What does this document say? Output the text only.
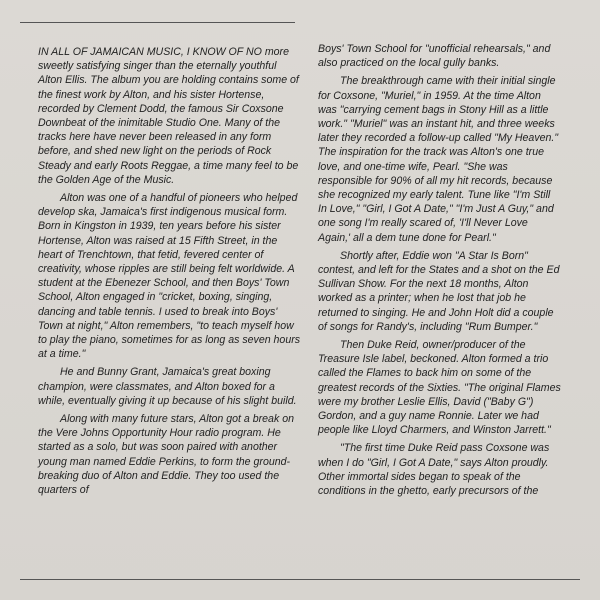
IN ALL OF JAMAICAN MUSIC, I KNOW OF NO more sweetly satisfying singer than the eternally youthful Alton Ellis. The album you are holding contains some of the finest work by Alton, and his sister Hortense, recorded by Clement Dodd, the famous Sir Coxsone Downbeat of the inimitable Studio One. Many of the tracks here have never been released in any form before, and shed new light on the periods of Rock Steady and early Roots Reggae, a time many feel to be the Golden Age of the Music.

Alton was one of a handful of pioneers who helped develop ska, Jamaica's first indigenous musical form. Born in Kingston in 1939, ten years before his sister Hortense, Alton was raised at 15 Fifth Street, in the heart of Trenchtown, that fetid, fevered center of creativity, whose ripples are still being felt worldwide. A student at the Ebenezer School, and then Boys' Town School, Alton engaged in "cricket, boxing, singing, dancing and table tennis. I used to break into Boys' Town at night," Alton remembers, "to teach myself how to play the piano, sometimes for as long as seven hours at a time."

He and Bunny Grant, Jamaica's great boxing champion, were classmates, and Alton boxed for a while, eventually giving it up because of his slight build.

Along with many future stars, Alton got a break on the Vere Johns Opportunity Hour radio program. He started as a solo, but was soon paired with another young man named Eddie Perkins, to form the ground-breaking duo of Alton and Eddie. They too used the quarters of

Boys' Town School for "unofficial rehearsals," and also practiced on the local gully banks.

The breakthrough came with their initial single for Coxsone, "Muriel," in 1959. At the time Alton was "carrying cement bags in Stony Hill as a little work." "Muriel" was an instant hit, and three weeks later they recorded a follow-up called "My Heaven." The inspiration for the track was Alton's one true love, and one-time wife, Pearl. "She was responsible for 90% of all my hit records, because she recognized my early talent. Tune like "I'm Still In Love," "Girl, I Got A Date," "I'm Just A Guy," and one song I'm really scared of, 'I'll Never Love Again,' all a dem tune done for Pearl."

Shortly after, Eddie won "A Star Is Born" contest, and left for the States and a shot on the Ed Sullivan Show. For the next 18 months, Alton worked as a printer; when he lost that job he returned to singing. He and John Holt did a couple of songs for Randy's, including "Rum Bumper."

Then Duke Reid, owner/producer of the Treasure Isle label, beckoned. Alton formed a trio called the Flames to back him on some of the greatest records of the Sixties. "The original Flames were my brother Leslie Ellis, David ("Baby G") Gordon, and a guy name Ronnie. Later we had people like Lloyd Charmers, and Winston Jarrett."

"The first time Duke Reid pass Coxsone was when I do "Girl, I Got A Date," says Alton proudly. Other immortal sides began to speak of the conditions in the ghetto, early precursors of the
